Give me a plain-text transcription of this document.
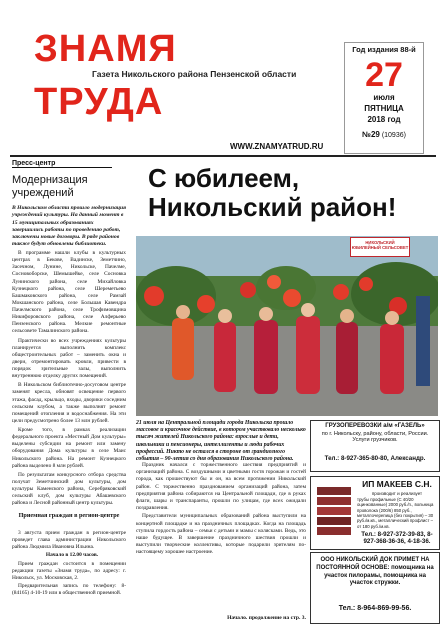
ЗНАМЯ
Газета Никольского района Пензенской области
ТРУДА
WWW.ZNAMYATRUD.RU
Год издания 88-й
27
июля
ПЯТНИЦА
2018 год
№29 (10936)
Пресс-центр
Модернизация учреждений
В Никольском области прошло модернизация учреждений культуры. На данный момент в 15 муниципальных образованиях завершились работы по проведению работ, заключены новые договоры. В ряде районов также будут обновлены библиотеки.

В программе нашли клубы в культурных центрах в Бекове, Вадинске, Земетчино, Засечном, Лунине, Никольске, Пачелме, Сосновоборске, Шемышейке, селе Сосновка Лунинского района, селе Михайловка Кузнецкого района, селе Шереметьево Башмаковского района, селе Рамзай Мокшанского района, селе Большая Кавендра Пачелмского района, селе Трофимовщина Никифоровского района, селе Алферьево Пензенского района. Мелкие ремонтные сельсовете Тамалинского района.

Практически во всех учреждениях культуры планируется выполнить комплекс общестроительных работ – заменить окна и двери, отремонтировать кровли, привести в порядок зрительные залы, выполнить внутреннюю отделку других помещений.

В Никольском библиотечно-досуговом центре заменят кресла, обновят освещение первого этажа, фасад, крыльцо, входы, дворики соседним сельским клубом, а также выполнят ремонт помещений отопления и водоснабжения. На эти цели предусмотрено более 13 млн рублей.

Кроме того, в рамках реализации федерального проекта «Местный Дом культуры» выделены субсидии на ремонт или замену оборудования Дома культуры в селе Маис Никольского района. На ремонт Кузнецкого района выделено 8 млн рублей.

По результатам конкурсного отбора средства получат Земетчинский дом культуры, дом культуры Каменского района, Серебряковский сельский клуб, дом культуры Абашевского района и Лесной районный центр культуры.

Приемная граждан в регион-центре

3 августа прием граждан в регион-центре проведет глава администрации Никольского района Людмила Ивановна Ильина.

Начало в 12.00 часов.

Прием граждан состоится в помещении редакции газеты «Знамя труда», по адресу: г. Никольск, ул. Московская, 2.

Предварительная запись по телефону: 8-(84165) 4-10-19 или в общественной приемной.

С юбилеем, Никольский район!
НИКОЛЬСКИЙ ЮБИЛЕЙНЫЙ СЕЛЬСОВЕТ
21 июля на Центральной площади города Никольска прошло массовое и красочное действие, в котором участвовало несколько тысяч жителей Никольского района: взрослые и дети, школьники и пенсионеры, интеллигенты и люди рабочих профессий. Никто не остался в стороне от грандиозного события – 90-летия со дня образования Никольского района.
ГРУЗОПЕРЕВОЗКИ а/м «ГАЗЕЛЬ»
по г. Никольску, району, области, России. Услуги грузчиков.
Тел.: 8-927-365-80-80, Александр.

Праздник начался с торжественного шествия предприятий и организаций района. С воздушными и цветными гостя горожан и гостей города, как прошествуют бы и он, на всем протяжении Никольский район. С торжественно празднованием организаций района, затем предприятия района собираются на Центральной площади, где в руках флаги, шары и транспаранты, прошли по улицам, где всех ожидали поздравления.

Представители муниципальных образований района выступили на концертной площадке и на праздничных площадках. Когда на площадь ступила гордость района – семьи с детьми и мамы с колясками. Ведь, это наше будущее. В завершение праздничного шествия прошли и выступили творческие коллективы, которые подарили зрителям по-настоящему хорошее настроение.

Начало. продолжение на стр. 3.
ИП МАКЕЕВ С.Н.
производит и реализует
трубы профильные (С 40/20 оцинкованные) 2000 руб./п., вольница проволока (200/6) 850 руб., металлочерепица (без покрытия) – 30 руб./м.кв., металлический профлист – от 180 руб./м.кв.
Тел.: 8-927-372-39-83, 8-927-368-36-36, 4-18-36.
ООО НИКОЛЬСКИЙ ДОК ПРИМЕТ НА ПОСТОЯННОЙ ОСНОВЕ: помощника на участок пилорамы, помощника на участок стружки.
Тел.: 8-964-869-99-56.
